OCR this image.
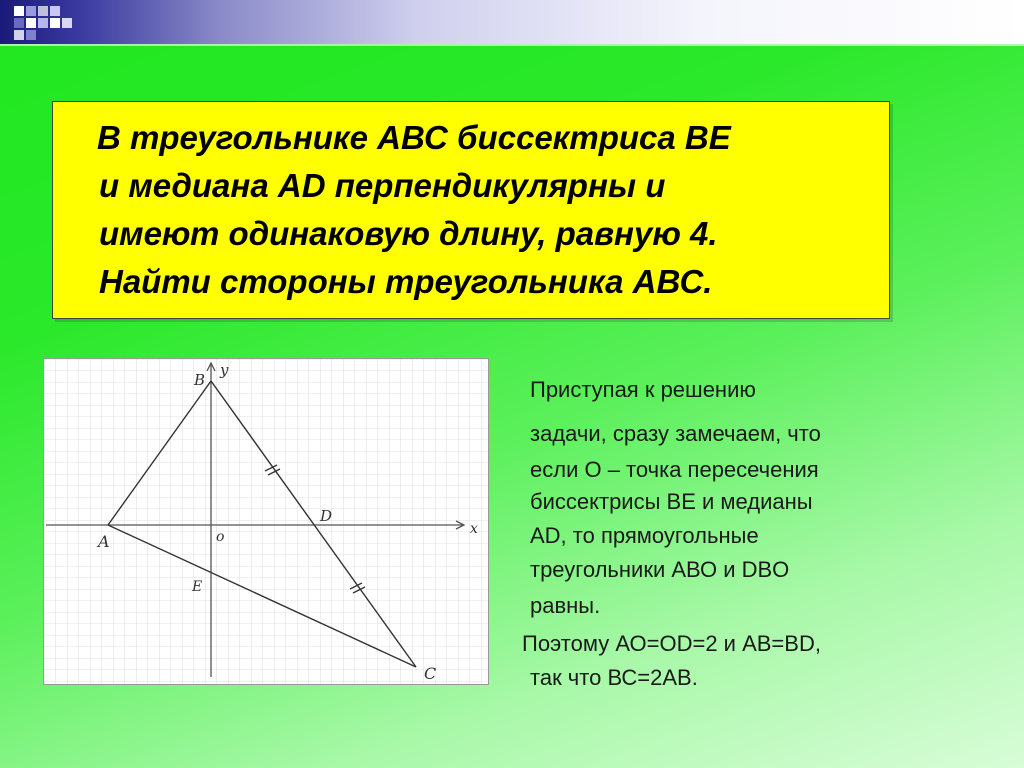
В треугольнике АВС биссектриса ВЕ
и медиана AD перпендикулярны и
имеют одинаковую длину, равную 4.
Найти стороны треугольника АВС.
B
y
A	o
D
x
E
C
Приступая к решению
задачи, сразу замечаем, что
если О – точка пересечения
биссектрисы ВЕ и медианы
AD, то прямоугольные
треугольники АВО и DBO
равны.
Поэтому АО=OD=2 и АВ=BD,
так что ВС=2АВ.
